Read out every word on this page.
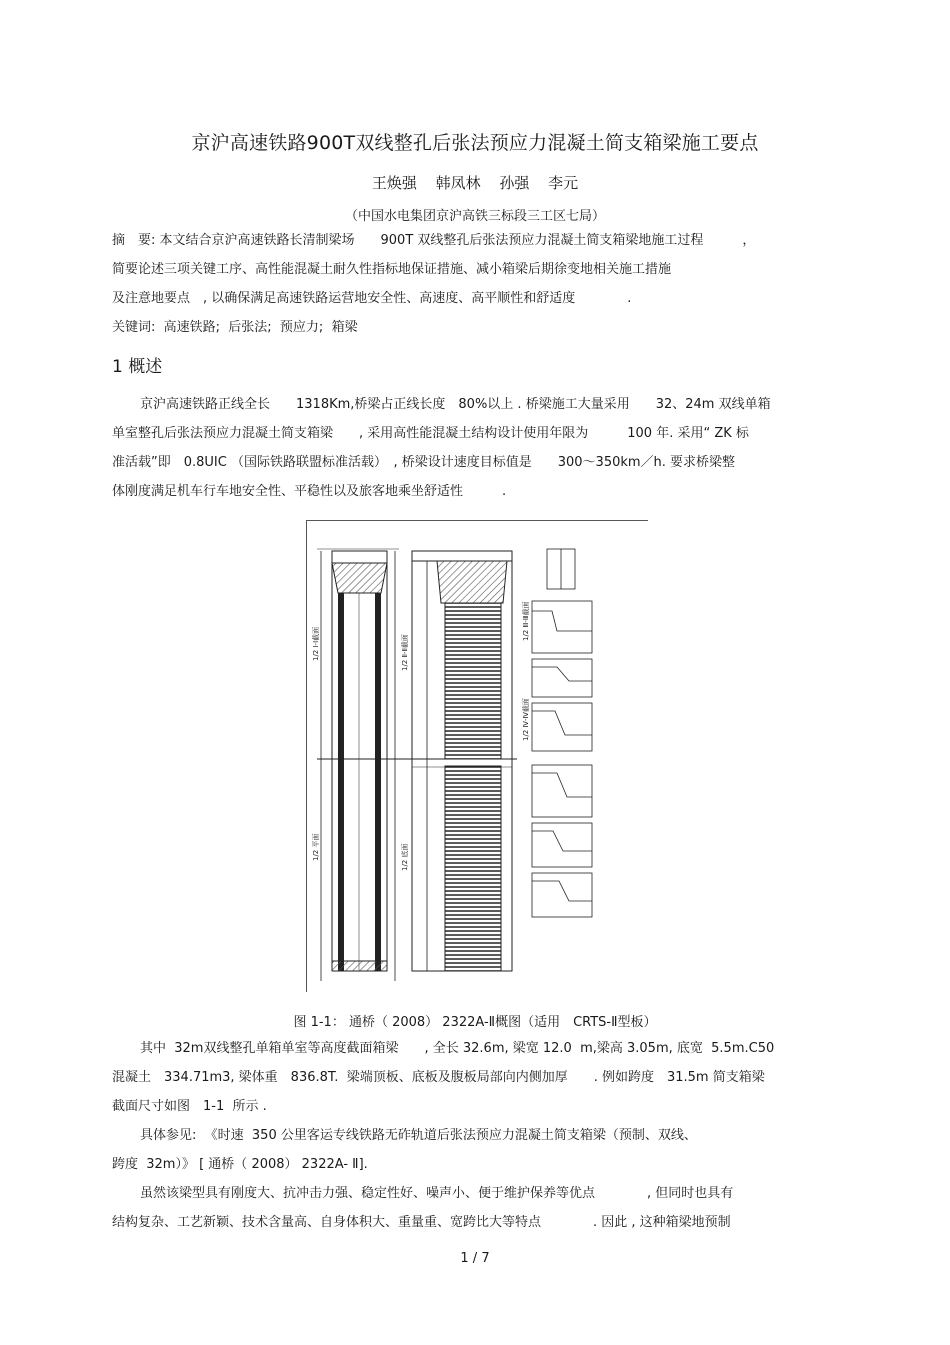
京沪高速铁路900T双线整孔后张法预应力混凝土简支箱梁施工要点
王焕强 韩凤林 孙强 李元
（中国水电集团京沪高铁三标段三工区七局）
摘　要: 本文结合京沪高速铁路长清制梁场　　900T 双线整孔后张法预应力混凝土简支箱梁地施工过程　　　，
简要论述三项关键工序、高性能混凝土耐久性指标地保证措施、减小箱梁后期徐变地相关施工措施
及注意地要点　, 以确保满足高速铁路运营地安全性、高速度、高平顺性和舒适度　　　　.
关键词:  高速铁路;  后张法;  预应力;  箱梁
1 概述
京沪高速铁路正线全长　　1318Km,桥梁占正线长度　80%以上 . 桥梁施工大量采用　　32、24m 双线单箱
单室整孔后张法预应力混凝土简支箱梁　　, 采用高性能混凝土结构设计使用年限为　　　100 年. 采用“ ZK 标
准活载”即　0.8UIC （国际铁路联盟标准活载）　, 桥梁设计速度目标值是　　300～350km／h. 要求桥梁整
体刚度满足机车行车地安全性、平稳性以及旅客地乘坐舒适性　　　.
1/2 Ⅰ-Ⅰ截面	1/2 Ⅱ-Ⅱ截面
1/2 Ⅲ-Ⅲ截面
1/2 Ⅳ-Ⅳ截面
1/2 平面	1/2 底面
图 1-1： 通桥（ 2008） 2322A-Ⅱ概图（适用　CRTS-Ⅱ型板）
其中  32m双线整孔单箱单室等高度截面箱梁　　, 全长 32.6m, 梁宽 12.0  m,梁高 3.05m, 底宽  5.5m.C50
混凝土　334.71m3, 梁体重　836.8T.  梁端顶板、底板及腹板局部向内侧加厚　　. 例如跨度　31.5m 简支箱梁
截面尺寸如图　1-1  所示 .
具体参见:  《时速  350 公里客运专线铁路无砟轨道后张法预应力混凝土简支箱梁（预制、双线、
跨度  32m）》 [ 通桥（ 2008） 2322A- Ⅱ].
虽然该梁型具有刚度大、抗冲击力强、稳定性好、噪声小、便于维护保养等优点　　　　, 但同时也具有
结构复杂、工艺新颖、技术含量高、自身体积大、重量重、宽跨比大等特点　　　　. 因此 , 这种箱梁地预制
1 / 7
